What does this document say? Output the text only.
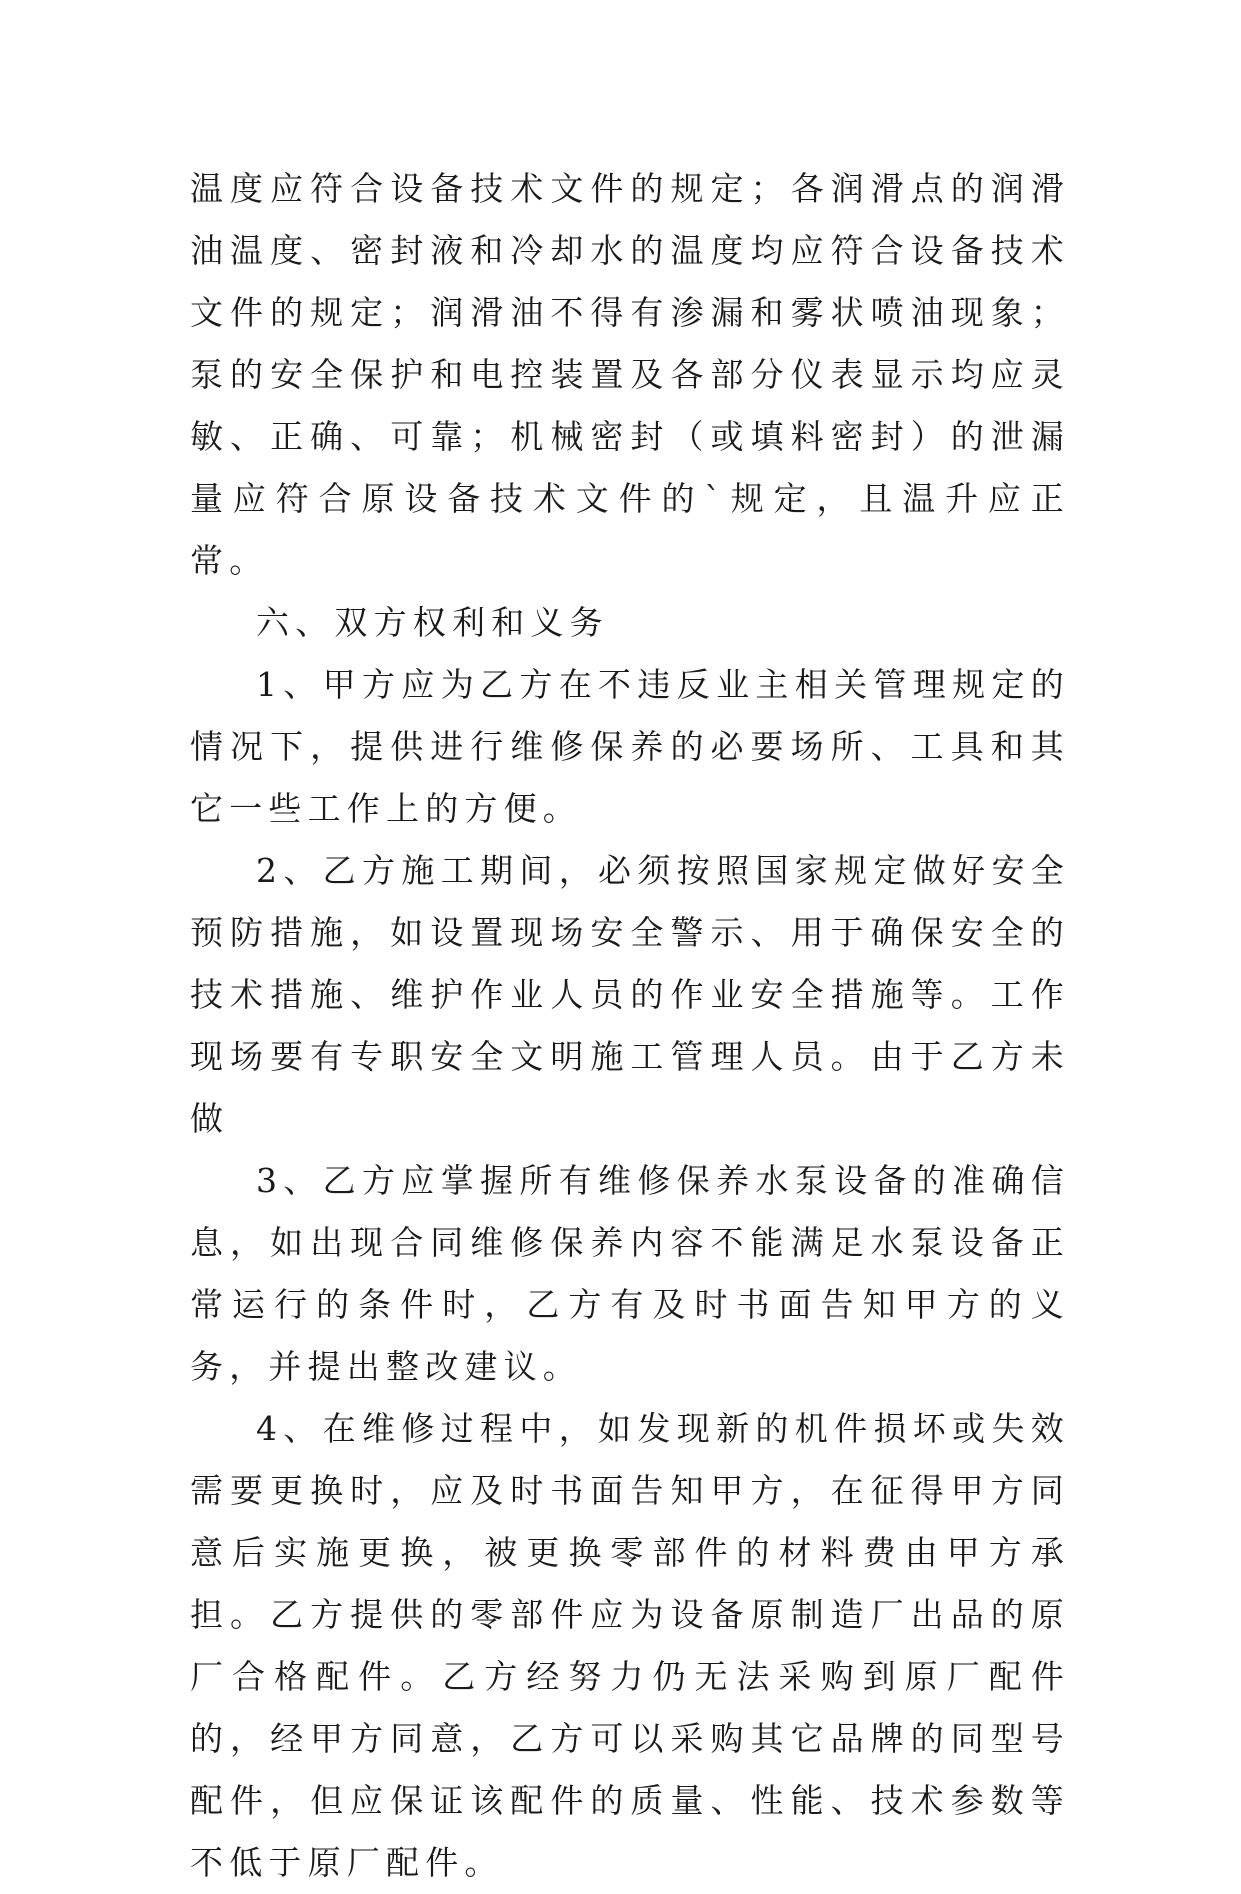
温度应符合设备技术文件的规定；各润滑点的润滑油温度、密封液和冷却水的温度均应符合设备技术文件的规定；润滑油不得有渗漏和雾状喷油现象；泵的安全保护和电控装置及各部分仪表显示均应灵敏、正确、可靠；机械密封（或填料密封）的泄漏量应符合原设备技术文件的`规定，且温升应正常。

六、双方权利和义务

1、甲方应为乙方在不违反业主相关管理规定的情况下，提供进行维修保养的必要场所、工具和其它一些工作上的方便。

2、乙方施工期间，必须按照国家规定做好安全预防措施，如设置现场安全警示、用于确保安全的技术措施、维护作业人员的作业安全措施等。工作现场要有专职安全文明施工管理人员。由于乙方未做

3、乙方应掌握所有维修保养水泵设备的准确信息，如出现合同维修保养内容不能满足水泵设备正常运行的条件时，乙方有及时书面告知甲方的义务，并提出整改建议。

4、在维修过程中，如发现新的机件损坏或失效需要更换时，应及时书面告知甲方，在征得甲方同意后实施更换，被更换零部件的材料费由甲方承担。乙方提供的零部件应为设备原制造厂出品的原厂合格配件。乙方经努力仍无法采购到原厂配件的，经甲方同意，乙方可以采购其它品牌的同型号配件，但应保证该配件的质量、性能、技术参数等不低于原厂配件。
